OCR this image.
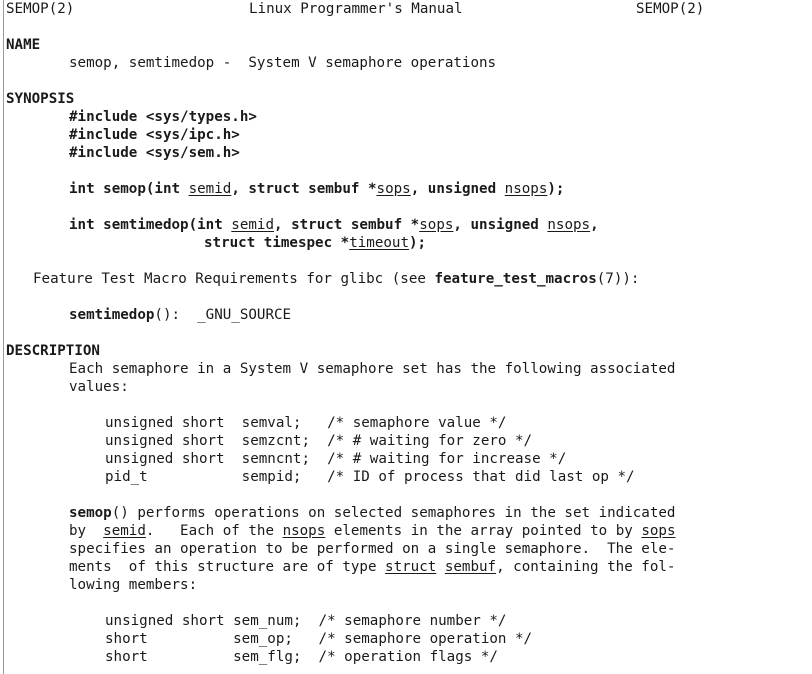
SEMOP(2)	Linux Programmer's Manual	SEMOP(2)
NAME
semop, semtimedop -  System V semaphore operations
SYNOPSIS
#include <sys/types.h>
#include <sys/ipc.h>
#include <sys/sem.h>
int semop(int semid, struct sembuf *sops, unsigned nsops);
int semtimedop(int semid, struct sembuf *sops, unsigned nsops,
struct timespec *timeout);
Feature Test Macro Requirements for glibc (see feature_test_macros(7)):
semtimedop():  _GNU_SOURCE
DESCRIPTION
Each semaphore in a System V semaphore set has the following associated
values:
unsigned short  semval;   /* semaphore value */
unsigned short  semzcnt;  /* # waiting for zero */
unsigned short  semncnt;  /* # waiting for increase */
pid_t           sempid;   /* ID of process that did last op */
semop() performs operations on selected semaphores in the set indicated
by  semid.   Each of the nsops elements in the array pointed to by sops
specifies an operation to be performed on a single semaphore.  The ele-
ments  of this structure are of type struct sembuf, containing the fol-
lowing members:
unsigned short sem_num;  /* semaphore number */
short          sem_op;   /* semaphore operation */
short          sem_flg;  /* operation flags */
